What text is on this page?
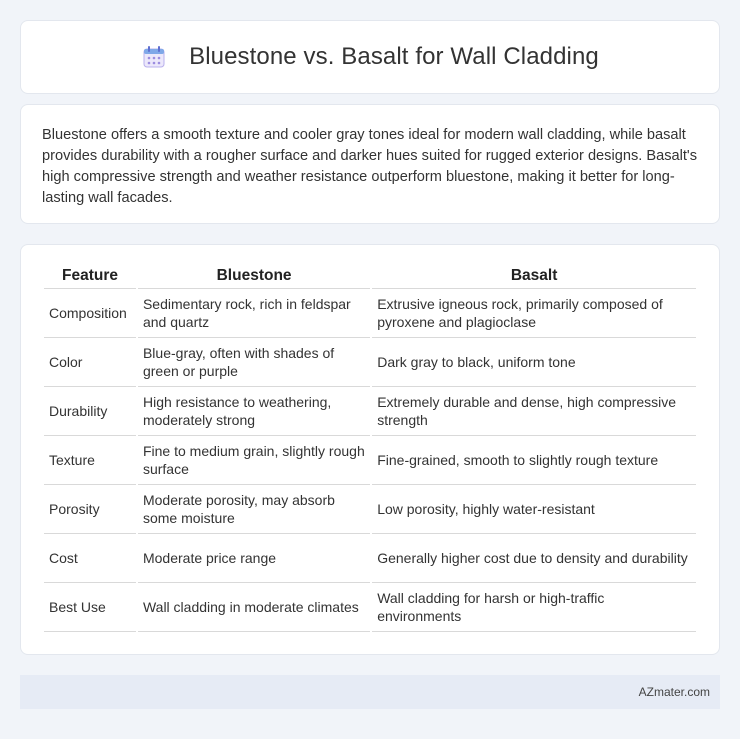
Bluestone vs. Basalt for Wall Cladding

Bluestone offers a smooth texture and cooler gray tones ideal for modern wall cladding, while basalt provides durability with a rougher surface and darker hues suited for rugged exterior designs. Basalt's high compressive strength and weather resistance outperform bluestone, making it better for long-lasting wall facades.

Feature	Bluestone	Basalt
Composition	Sedimentary rock, rich in feldspar and quartz	Extrusive igneous rock, primarily composed of pyroxene and plagioclase
Color	Blue-gray, often with shades of green or purple	Dark gray to black, uniform tone
Durability	High resistance to weathering, moderately strong	Extremely durable and dense, high compressive strength
Texture	Fine to medium grain, slightly rough surface	Fine-grained, smooth to slightly rough texture
Porosity	Moderate porosity, may absorb some moisture	Low porosity, highly water-resistant
Cost	Moderate price range	Generally higher cost due to density and durability
Best Use	Wall cladding in moderate climates	Wall cladding for harsh or high-traffic environments
AZmater.com
